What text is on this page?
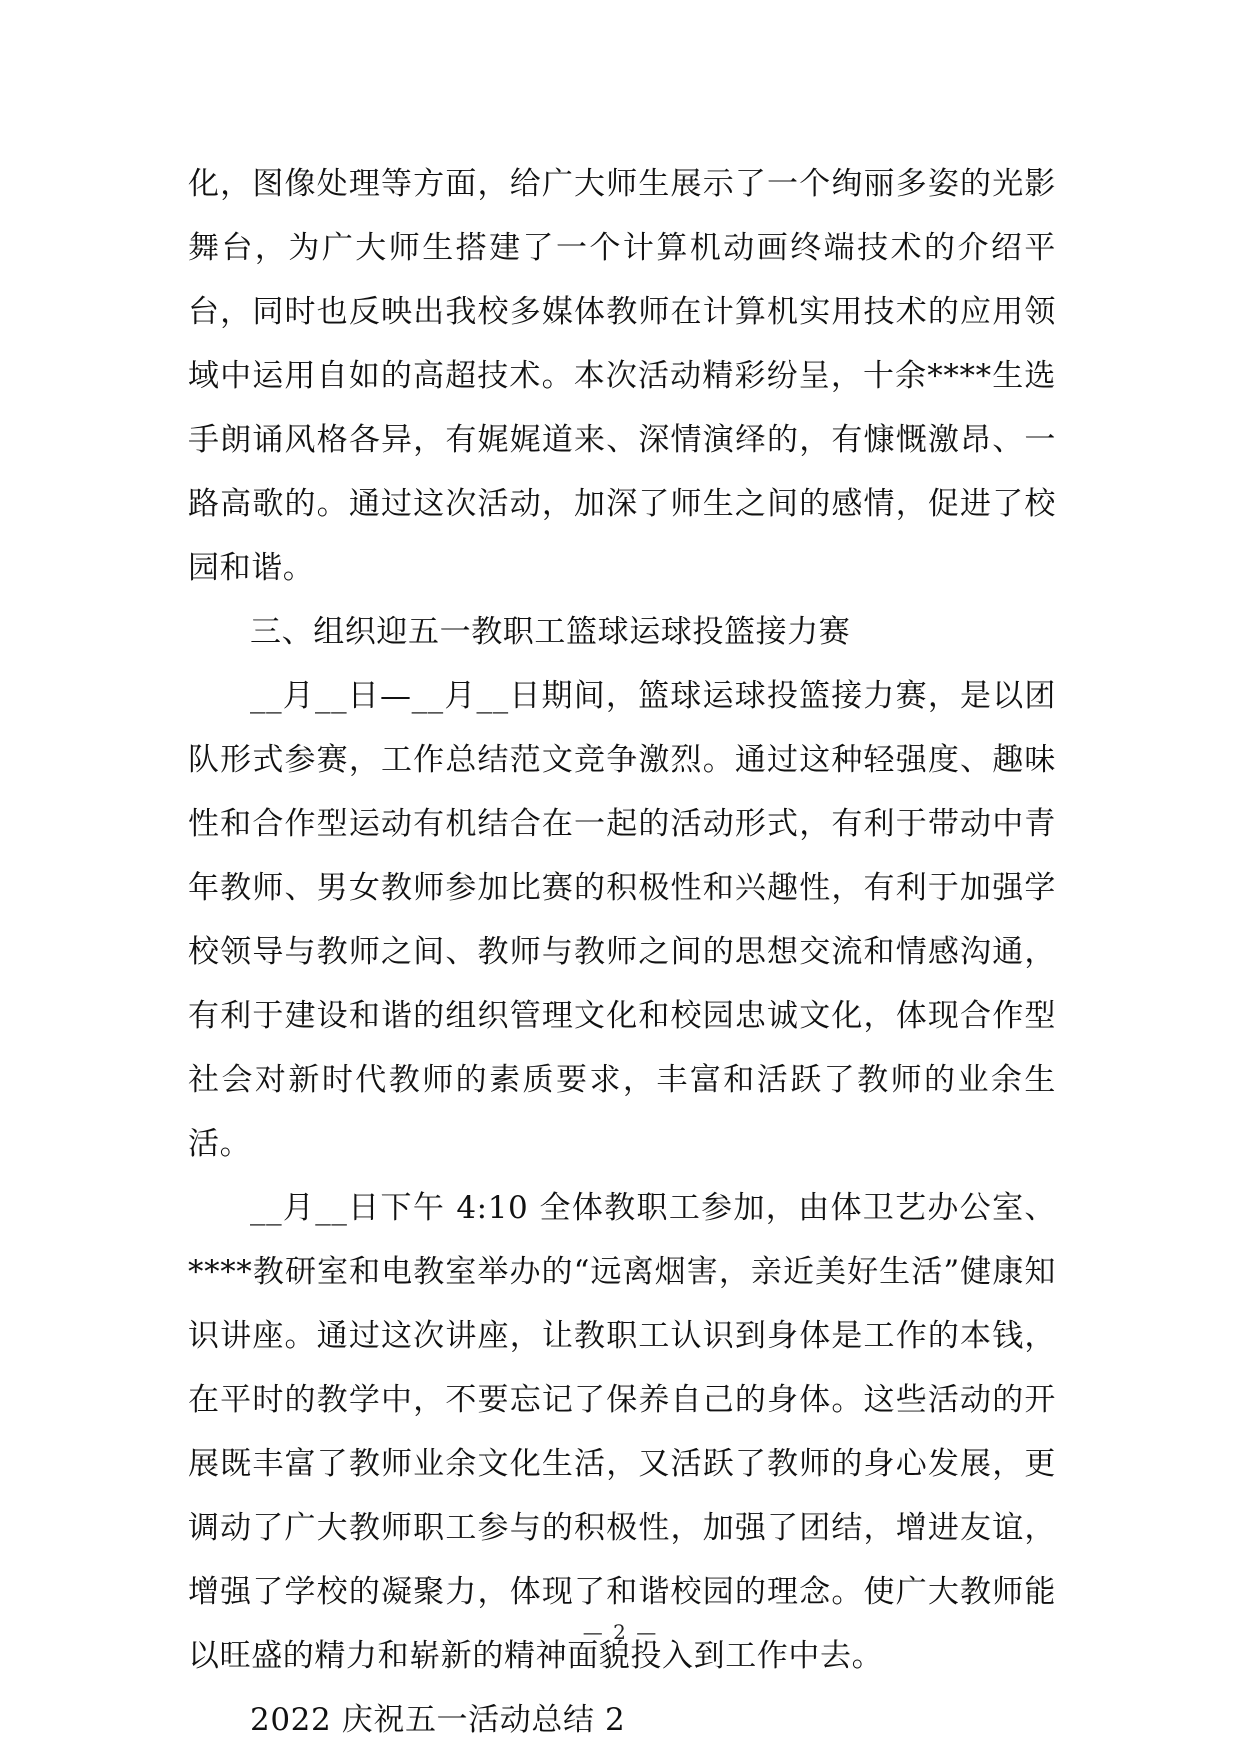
化，图像处理等方面，给广大师生展示了一个绚丽多姿的光影舞台，为广大师生搭建了一个计算机动画终端技术的介绍平台，同时也反映出我校多媒体教师在计算机实用技术的应用领域中运用自如的高超技术。本次活动精彩纷呈，十余****生选手朗诵风格各异，有娓娓道来、深情演绎的，有慷慨激昂、一路高歌的。通过这次活动，加深了师生之间的感情，促进了校园和谐。

三、组织迎五一教职工篮球运球投篮接力赛

__月__日—__月__日期间，篮球运球投篮接力赛，是以团队形式参赛，工作总结范文竞争激烈。通过这种轻强度、趣味性和合作型运动有机结合在一起的活动形式，有利于带动中青年教师、男女教师参加比赛的积极性和兴趣性，有利于加强学校领导与教师之间、教师与教师之间的思想交流和情感沟通，有利于建设和谐的组织管理文化和校园忠诚文化，体现合作型社会对新时代教师的素质要求，丰富和活跃了教师的业余生活。

__月__日下午 4:10 全体教职工参加，由体卫艺办公室、****教研室和电教室举办的“远离烟害，亲近美好生活”健康知识讲座。通过这次讲座，让教职工认识到身体是工作的本钱，在平时的教学中，不要忘记了保养自己的身体。这些活动的开展既丰富了教师业余文化生活，又活跃了教师的身心发展，更调动了广大教师职工参与的积极性，加强了团结，增进友谊，增强了学校的凝聚力，体现了和谐校园的理念。使广大教师能以旺盛的精力和崭新的精神面貌投入到工作中去。

2022 庆祝五一活动总结 2

— 2 —
